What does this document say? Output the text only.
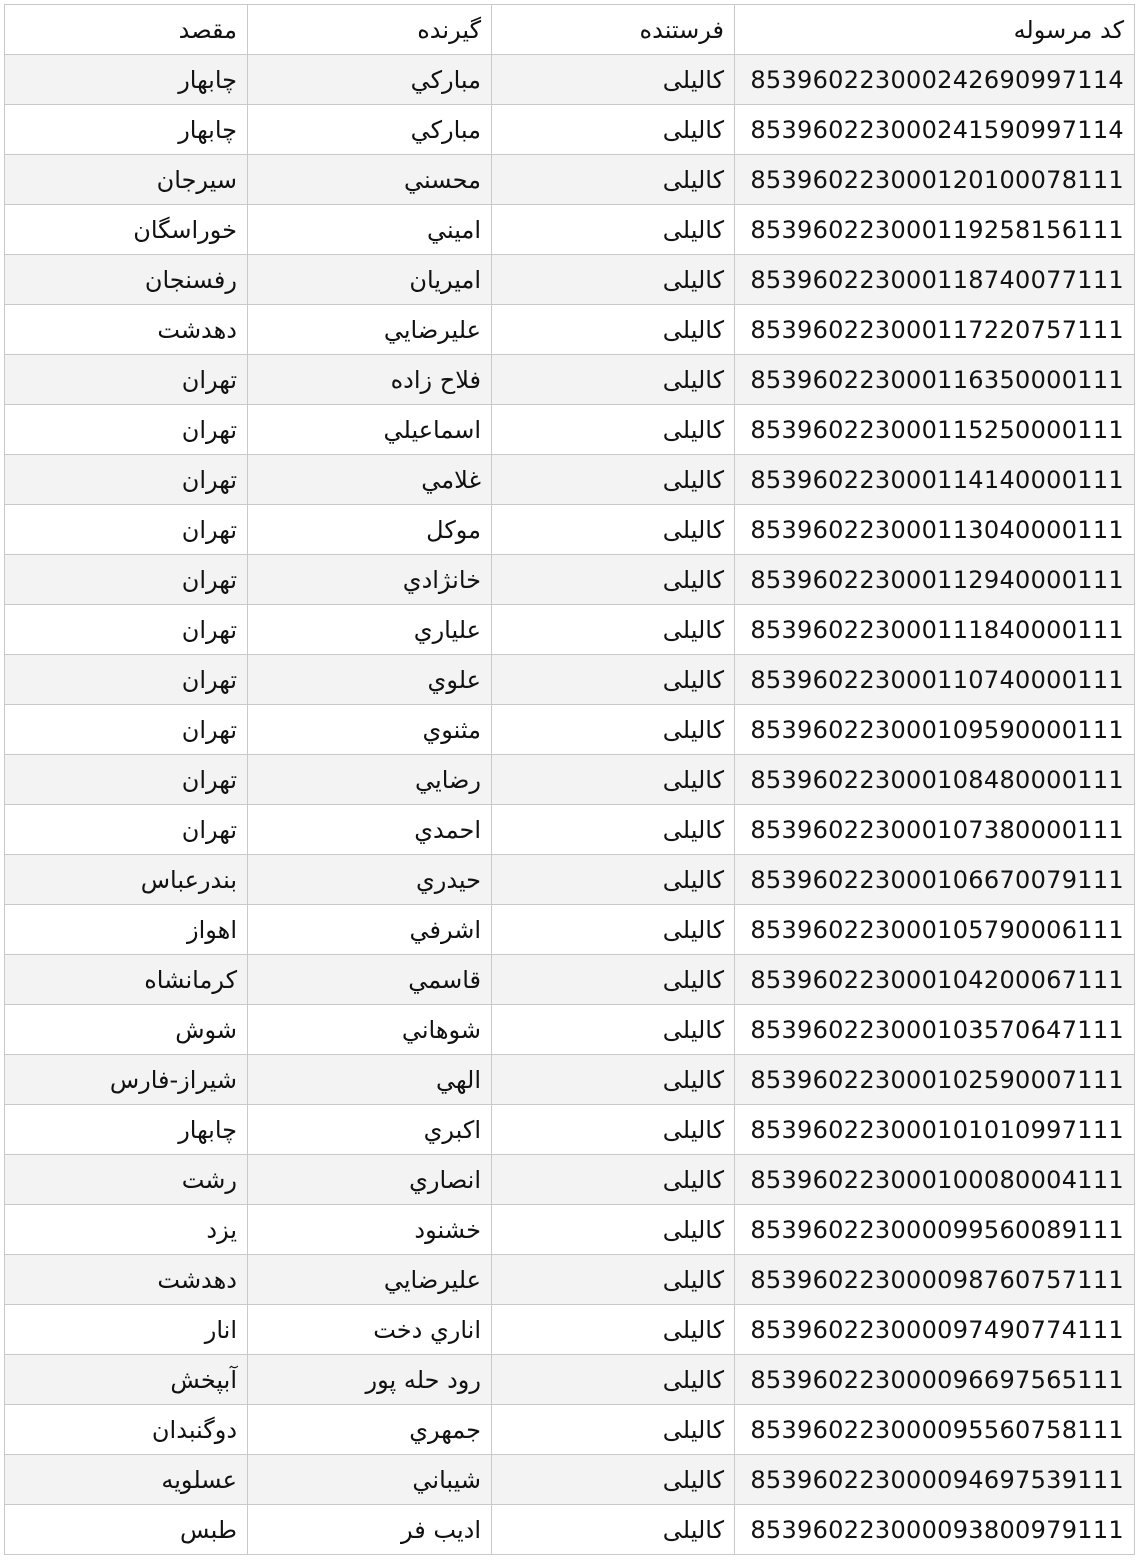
کد مرسوله	فرستنده	گیرنده	مقصد
853960223000242690997114	کالیلی	مباركي	چابهار
853960223000241590997114	کالیلی	مباركي	چابهار
853960223000120100078111	کالیلی	محسني	سيرجان
853960223000119258156111	کالیلی	اميني	خوراسگان
853960223000118740077111	کالیلی	اميريان	رفسنجان
853960223000117220757111	کالیلی	عليرضايي	دهدشت
853960223000116350000111	کالیلی	فلاح زاده	تهران
853960223000115250000111	کالیلی	اسماعيلي	تهران
853960223000114140000111	کالیلی	غلامي	تهران
853960223000113040000111	کالیلی	موكل	تهران
853960223000112940000111	کالیلی	خانژادي	تهران
853960223000111840000111	کالیلی	علياري	تهران
853960223000110740000111	کالیلی	علوي	تهران
853960223000109590000111	کالیلی	مثنوي	تهران
853960223000108480000111	کالیلی	رضايي	تهران
853960223000107380000111	کالیلی	احمدي	تهران
853960223000106670079111	کالیلی	حيدري	بندرعباس
853960223000105790006111	کالیلی	اشرفي	اهواز
853960223000104200067111	کالیلی	قاسمي	كرمانشاه
853960223000103570647111	کالیلی	شوهاني	شوش
853960223000102590007111	کالیلی	الهي	شيراز-فارس
853960223000101010997111	کالیلی	اكبري	چابهار
853960223000100080004111	کالیلی	انصاري	رشت
853960223000099560089111	کالیلی	خشنود	يزد
853960223000098760757111	کالیلی	عليرضايي	دهدشت
853960223000097490774111	کالیلی	اناري دخت	انار
853960223000096697565111	کالیلی	رود حله پور	آبپخش
853960223000095560758111	کالیلی	جمهري	دوگنبدان
853960223000094697539111	کالیلی	شيباني	عسلويه
853960223000093800979111	کالیلی	اديب فر	طبس
